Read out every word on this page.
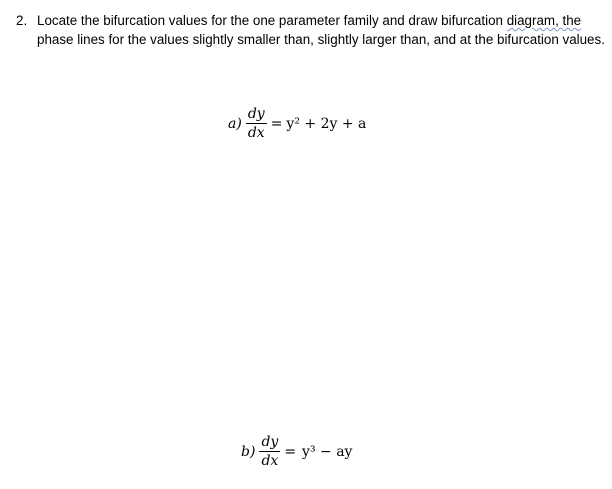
2. Locate the bifurcation values for the one parameter family and draw bifurcation diagram, the phase lines for the values slightly smaller than, slightly larger than, and at the bifurcation values.
$a) \frac{dy}{dx} = y^2 + 2y + a$
$b) \frac{dy}{dx} = y^3$ − ay
